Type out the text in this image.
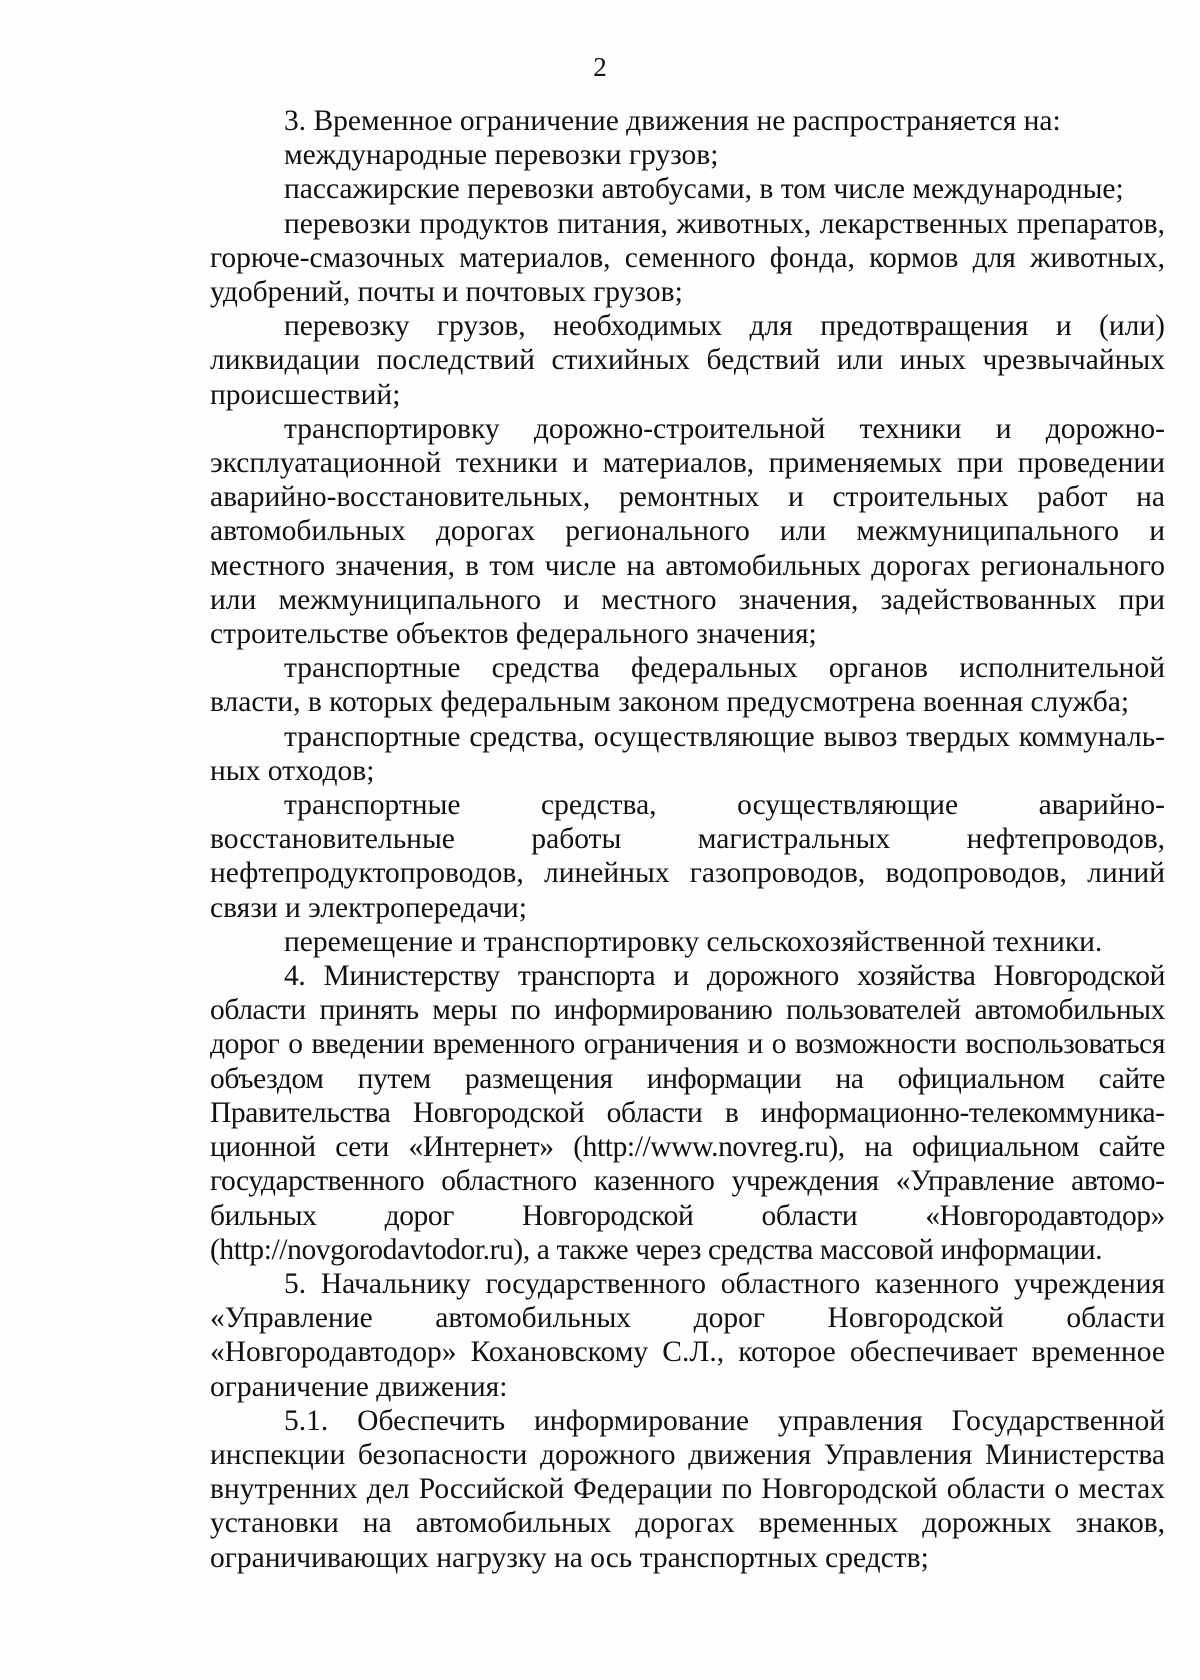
2

3. Временное ограничение движения не распространяется на:

международные перевозки грузов;

пассажирские перевозки автобусами, в том числе международные;

перевозки продуктов питания, животных, лекарственных препаратов, горюче-смазочных материалов, семенного фонда, кормов для животных, удобрений, почты и почтовых грузов;

перевозку грузов, необходимых для предотвращения и (или) ликвидации последствий стихийных бедствий или иных чрезвычайных происшествий;

транспортировку дорожно-строительной техники и дорожно-эксплуатационной техники и материалов, применяемых при проведении аварийно-восстановительных, ремонтных и строительных работ на автомобильных дорогах регионального или межмуниципального и местного значения, в том числе на автомобильных дорогах регионального или межмуниципального и местного значения, задействованных при строительстве объектов федерального значения;

транспортные средства федеральных органов исполнительной власти, в которых федеральным законом предусмотрена военная служба;

транспортные средства, осуществляющие вывоз твердых коммунальных отходов;

транспортные средства, осуществляющие аварийно-восстановительные работы магистральных нефтепроводов, нефтепродуктопроводов, линейных газопроводов, водопроводов, линий связи и электропередачи;

перемещение и транспортировку сельскохозяйственной техники.

4. Министерству транспорта и дорожного хозяйства Новгородской области принять меры по информированию пользователей автомобильных дорог о введении временного ограничения и о возможности воспользоваться объездом путем размещения информации на официальном сайте Правительства Новгородской области в информационно-телекоммуникационной сети «Интернет» (http://www.novreg.ru), на официальном сайте государственного областного казенного учреждения «Управление автомобильных дорог Новгородской области «Новгородавтодор» (http://novgorodavtodor.ru), а также через средства массовой информации.

5. Начальнику государственного областного казенного учреждения «Управление автомобильных дорог Новгородской области «Новгородавтодор» Кохановскому С.Л., которое обеспечивает временное ограничение движения:

5.1. Обеспечить информирование управления Государственной инспекции безопасности дорожного движения Управления Министерства внутренних дел Российской Федерации по Новгородской области о местах установки на автомобильных дорогах временных дорожных знаков, ограничивающих нагрузку на ось транспортных средств;
